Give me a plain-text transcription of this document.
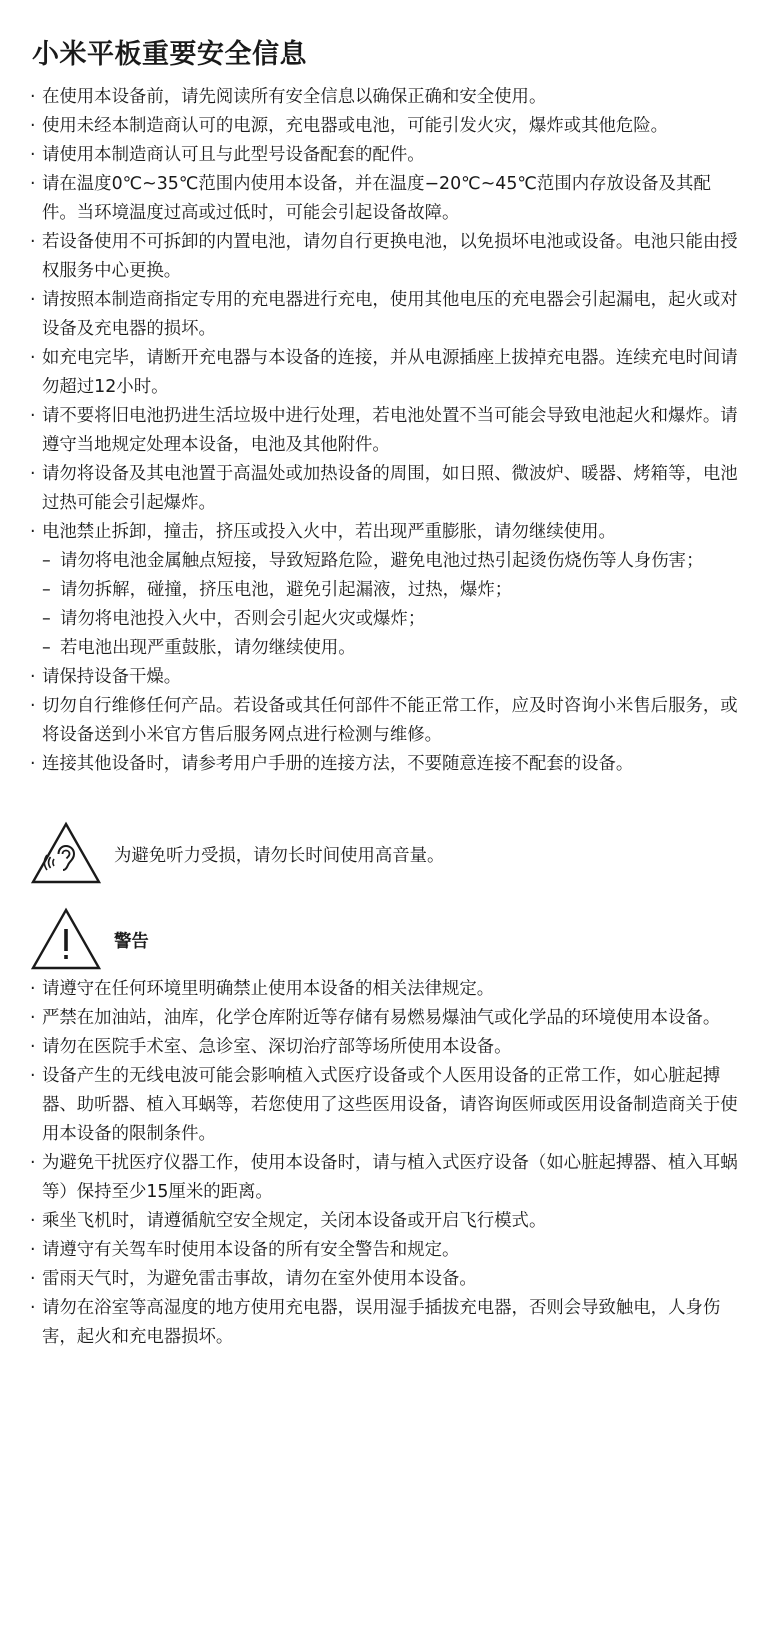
小米平板重要安全信息
· 在使用本设备前，请先阅读所有安全信息以确保正确和安全使用。
· 使用未经本制造商认可的电源，充电器或电池，可能引发火灾，爆炸或其他危险。
· 请使用本制造商认可且与此型号设备配套的配件。
· 请在温度0℃~35℃范围内使用本设备，并在温度−20℃~45℃范围内存放设备及其配件。当环境温度过高或过低时，可能会引起设备故障。
· 若设备使用不可拆卸的内置电池，请勿自行更换电池，以免损坏电池或设备。电池只能由授权服务中心更换。
· 请按照本制造商指定专用的充电器进行充电，使用其他电压的充电器会引起漏电，起火或对设备及充电器的损坏。
· 如充电完毕，请断开充电器与本设备的连接，并从电源插座上拔掉充电器。连续充电时间请勿超过12小时。
· 请不要将旧电池扔进生活垃圾中进行处理，若电池处置不当可能会导致电池起火和爆炸。请遵守当地规定处理本设备，电池及其他附件。
· 请勿将设备及其电池置于高温处或加热设备的周围，如日照、微波炉、暖器、烤箱等，电池过热可能会引起爆炸。
· 电池禁止拆卸，撞击，挤压或投入火中，若出现严重膨胀，请勿继续使用。
– 请勿将电池金属触点短接，导致短路危险，避免电池过热引起烫伤烧伤等人身伤害；
– 请勿拆解，碰撞，挤压电池，避免引起漏液，过热，爆炸；
– 请勿将电池投入火中，否则会引起火灾或爆炸；
– 若电池出现严重鼓胀，请勿继续使用。
· 请保持设备干燥。
· 切勿自行维修任何产品。若设备或其任何部件不能正常工作，应及时咨询小米售后服务，或将设备送到小米官方售后服务网点进行检测与维修。
· 连接其他设备时，请参考用户手册的连接方法，不要随意连接不配套的设备。
为避免听力受损，请勿长时间使用高音量。
警告
· 请遵守在任何环境里明确禁止使用本设备的相关法律规定。
· 严禁在加油站，油库，化学仓库附近等存储有易燃易爆油气或化学品的环境使用本设备。
· 请勿在医院手术室、急诊室、深切治疗部等场所使用本设备。
· 设备产生的无线电波可能会影响植入式医疗设备或个人医用设备的正常工作，如心脏起搏器、助听器、植入耳蜗等，若您使用了这些医用设备，请咨询医师或医用设备制造商关于使用本设备的限制条件。
· 为避免干扰医疗仪器工作，使用本设备时，请与植入式医疗设备（如心脏起搏器、植入耳蜗等）保持至少15厘米的距离。
· 乘坐飞机时，请遵循航空安全规定，关闭本设备或开启飞行模式。
· 请遵守有关驾车时使用本设备的所有安全警告和规定。
· 雷雨天气时，为避免雷击事故，请勿在室外使用本设备。
· 请勿在浴室等高湿度的地方使用充电器，误用湿手插拔充电器，否则会导致触电，人身伤害，起火和充电器损坏。
